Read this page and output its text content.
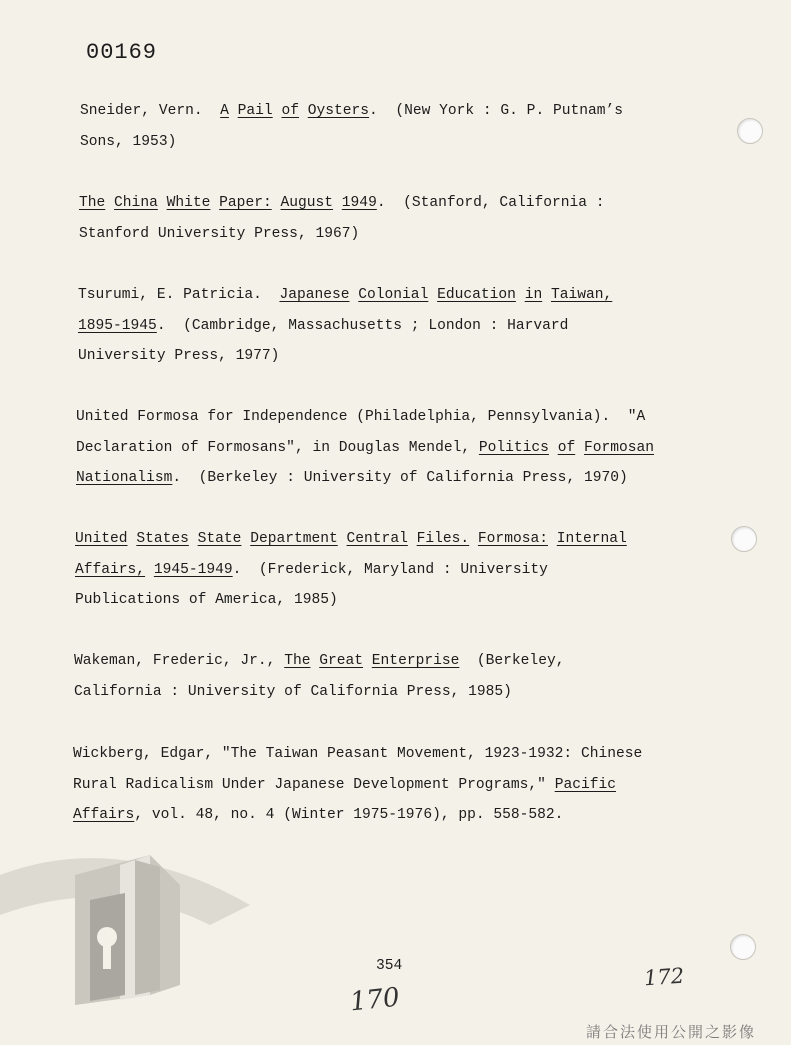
00169
Sneider, Vern.  A Pail of Oysters.  (New York : G. P. Putnam’s
Sons, 1953)
The China White Paper: August 1949.  (Stanford, California :
Stanford University Press, 1967)
Tsurumi, E. Patricia.  Japanese Colonial Education in Taiwan,
1895-1945.  (Cambridge, Massachusetts ; London : Harvard
University Press, 1977)
United Formosa for Independence (Philadelphia, Pennsylvania).  "A
Declaration of Formosans", in Douglas Mendel, Politics of Formosan
Nationalism.  (Berkeley : University of California Press, 1970)
United States State Department Central Files. Formosa: Internal
Affairs, 1945-1949.  (Frederick, Maryland : University
Publications of America, 1985)
Wakeman, Frederic, Jr., The Great Enterprise  (Berkeley,
California : University of California Press, 1985)
Wickberg, Edgar, "The Taiwan Peasant Movement, 1923-1932: Chinese
Rural Radicalism Under Japanese Development Programs," Pacific
Affairs, vol. 48, no. 4 (Winter 1975-1976), pp. 558-582.
354
170
172
請合法使用公開之影像
